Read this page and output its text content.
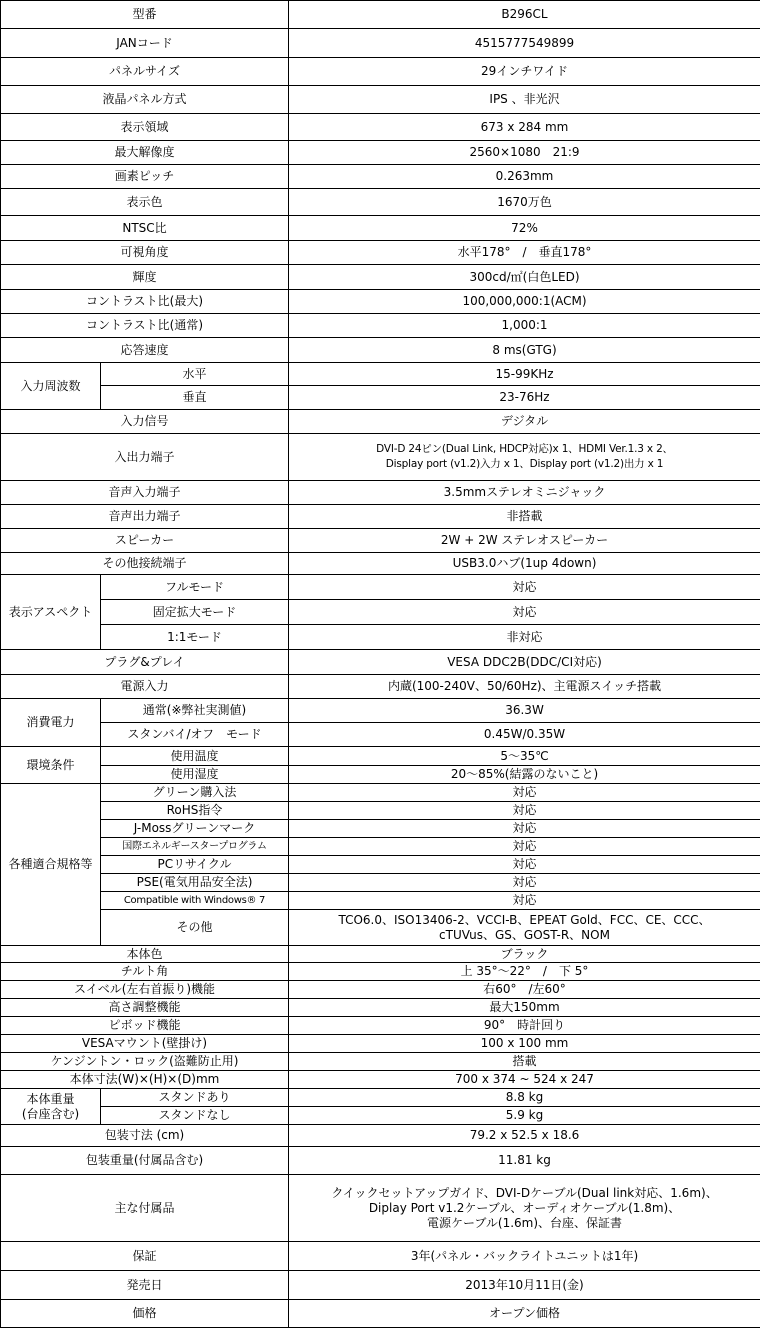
型番		B296CL
JANコード		4515777549899
パネルサイズ		29インチワイド
液晶パネル方式		IPS 、非光沢
表示領域		673 x 284 mm
最大解像度		2560×1080　21:9
画素ピッチ		0.263mm
表示色		1670万色
NTSC比		72%
可視角度		水平178°　/　垂直178°
輝度		300cd/㎡(白色LED)
コントラスト比(最大)		100,000,000:1(ACM)
コントラスト比(通常)		1,000:1
応答速度		8 ms(GTG)
入力周波数	水平	15-99KHz
	垂直	23-76Hz
入力信号		デジタル
入出力端子		DVI-D 24ピン(Dual Link, HDCP対応)x 1、HDMI Ver.1.3 x 2、
Display port (v1.2)入力 x 1、Display port (v1.2)出力 x 1

音声入力端子		3.5mmステレオミニジャック
音声出力端子		非搭載
スピーカー		2W + 2W ステレオスピーカー
その他接続端子		USB3.0ハブ(1up 4down)
表示アスペクト	フルモード	対応
	固定拡大モード	対応
	1:1モード	非対応
プラグ&プレイ		VESA DDC2B(DDC/CI対応)
電源入力		内蔵(100-240V、50/60Hz)、主電源スイッチ搭載
消費電力	通常(※弊社実測値)	36.3W
	スタンバイ/オフ　モード	0.45W/0.35W
環境条件	使用温度	5～35℃
	使用湿度	20～85%(結露のないこと)
各種適合規格等	グリーン購入法	対応
	RoHS指令	対応
	J-Mossグリーンマーク	対応
	国際エネルギースタープログラム	対応
	PCリサイクル	対応
	PSE(電気用品安全法)	対応
	Compatible with Windows® 7	対応
	その他	TCO6.0、ISO13406-2、VCCI-B、EPEAT Gold、FCC、CE、CCC、
cTUVus、GS、GOST-R、NOM

本体色		ブラック
チルト角		上 35°～22°　/　下 5°
スイベル(左右首振り)機能		右60°　/左60°
高さ調整機能		最大150mm
ピボッド機能		90°　時計回り
VESAマウント(壁掛け)		100 x 100 mm
ケンジントン・ロック(盗難防止用)		搭載
本体寸法(W)×(H)×(D)mm		700 x 374 ~ 524 x 247

本体重量
(台座含む)	スタンドあり	8.8 kg
	スタンドなし	5.9 kg
包装寸法 (cm)		79.2 x 52.5 x 18.6
包装重量(付属品含む)		11.81 kg
主な付属品		クイックセットアップガイド、DVI-Dケーブル(Dual link対応、1.6m)、
Diplay Port v1.2ケーブル、オーディオケーブル(1.8m)、
電源ケーブル(1.6m)、台座、保証書

保証		3年(パネル・バックライトユニットは1年)
発売日		2013年10月11日(金)
価格		オープン価格
